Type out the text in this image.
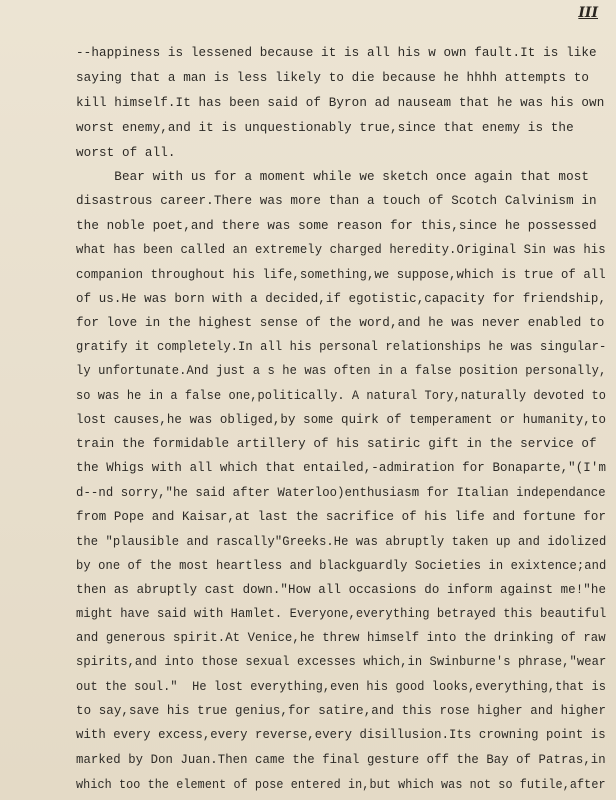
III
--happiness is lessened because it is all his w own fault.It is like
saying that a man is less likely to die because he hhhh attempts to
kill himself.It has been said of Byron ad nauseam that he was his own
worst enemy,and it is unquestionably true,since that enemy is the
worst of all.
Bear with us for a moment while we sketch once again that most
disastrous career.There was more than a touch of Scotch Calvinism in
the noble poet,and there was some reason for this,since he possessed
what has been called an extremely charged heredity.Original Sin was his
companion throughout his life,something,we suppose,which is true of all
of us.He was born with a decided,if egotistic,capacity for friendship,
for love in the highest sense of the word,and he was never enabled to
gratify it completely.In all his personal relationships he was singular-
ly unfortunate.And just a s he was often in a false position personally,
so was he in a false one,politically. A natural Tory,naturally devoted to
lost causes,he was obliged,by some quirk of temperament or humanity,to
train the formidable artillery of his satiric gift in the service of
the Whigs with all which that entailed,-admiration for Bonaparte,"(I'm
d--nd sorry,"he said after Waterloo)enthusiasm for Italian independance
from Pope and Kaisar,at last the sacrifice of his life and fortune for
the "plausible and rascally"Greeks.He was abruptly taken up and idolized
by one of the most heartless and blackguardly Societies in exixtence;and
then as abruptly cast down."How all occasions do inform against me!"he
might have said with Hamlet. Everyone,everything betrayed this beautiful
and generous spirit.At Venice,he threw himself into the drinking of raw
spirits,and into those sexual excesses which,in Swinburne's phrase,"wear
out the soul."  He lost everything,even his good looks,everything,that is
to say,save his true genius,for satire,and this rose higher and higher
with every excess,every reverse,every disillusion.Its crowning point is
marked by Don Juan.Then came the final gesture off the Bay of Patras,in
which too the element of pose entered in,but which was not so futile,after
